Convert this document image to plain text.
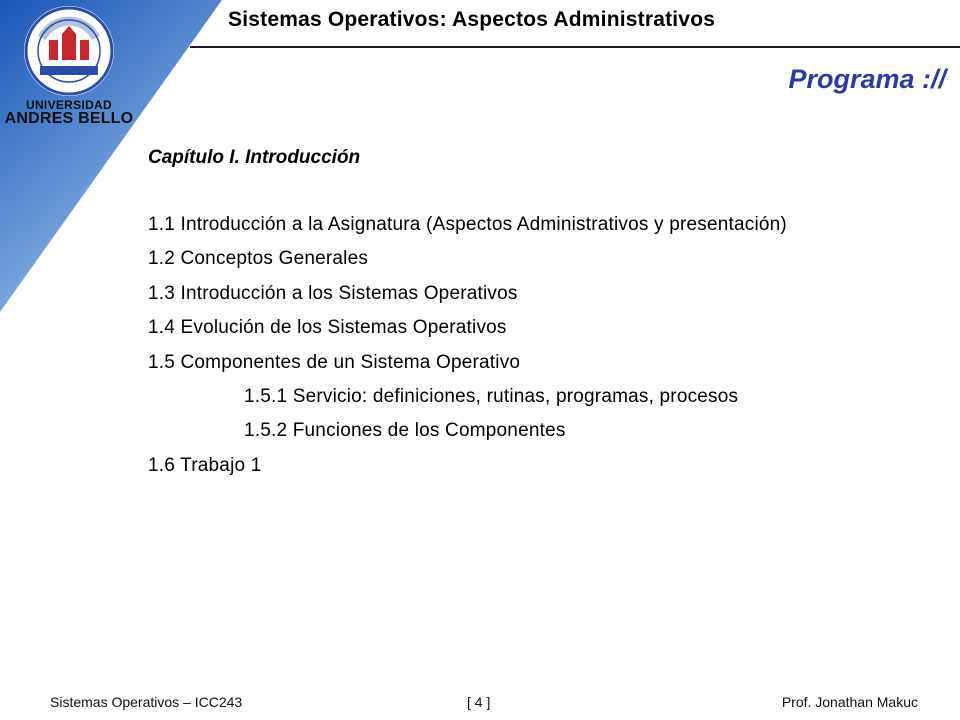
UNIVERSIDAD
ANDRES BELLO
Sistemas Operativos: Aspectos Administrativos
Programa ://
Capítulo I. Introducción
1.1 Introducción a la Asignatura (Aspectos Administrativos y presentación)
1.2 Conceptos Generales
1.3 Introducción a los Sistemas Operativos
1.4 Evolución de los Sistemas Operativos
1.5 Componentes de un Sistema Operativo
1.5.1 Servicio: definiciones, rutinas, programas, procesos
1.5.2 Funciones de los Componentes
1.6 Trabajo 1
Sistemas Operativos – ICC243	[ 4 ]	Prof. Jonathan Makuc
